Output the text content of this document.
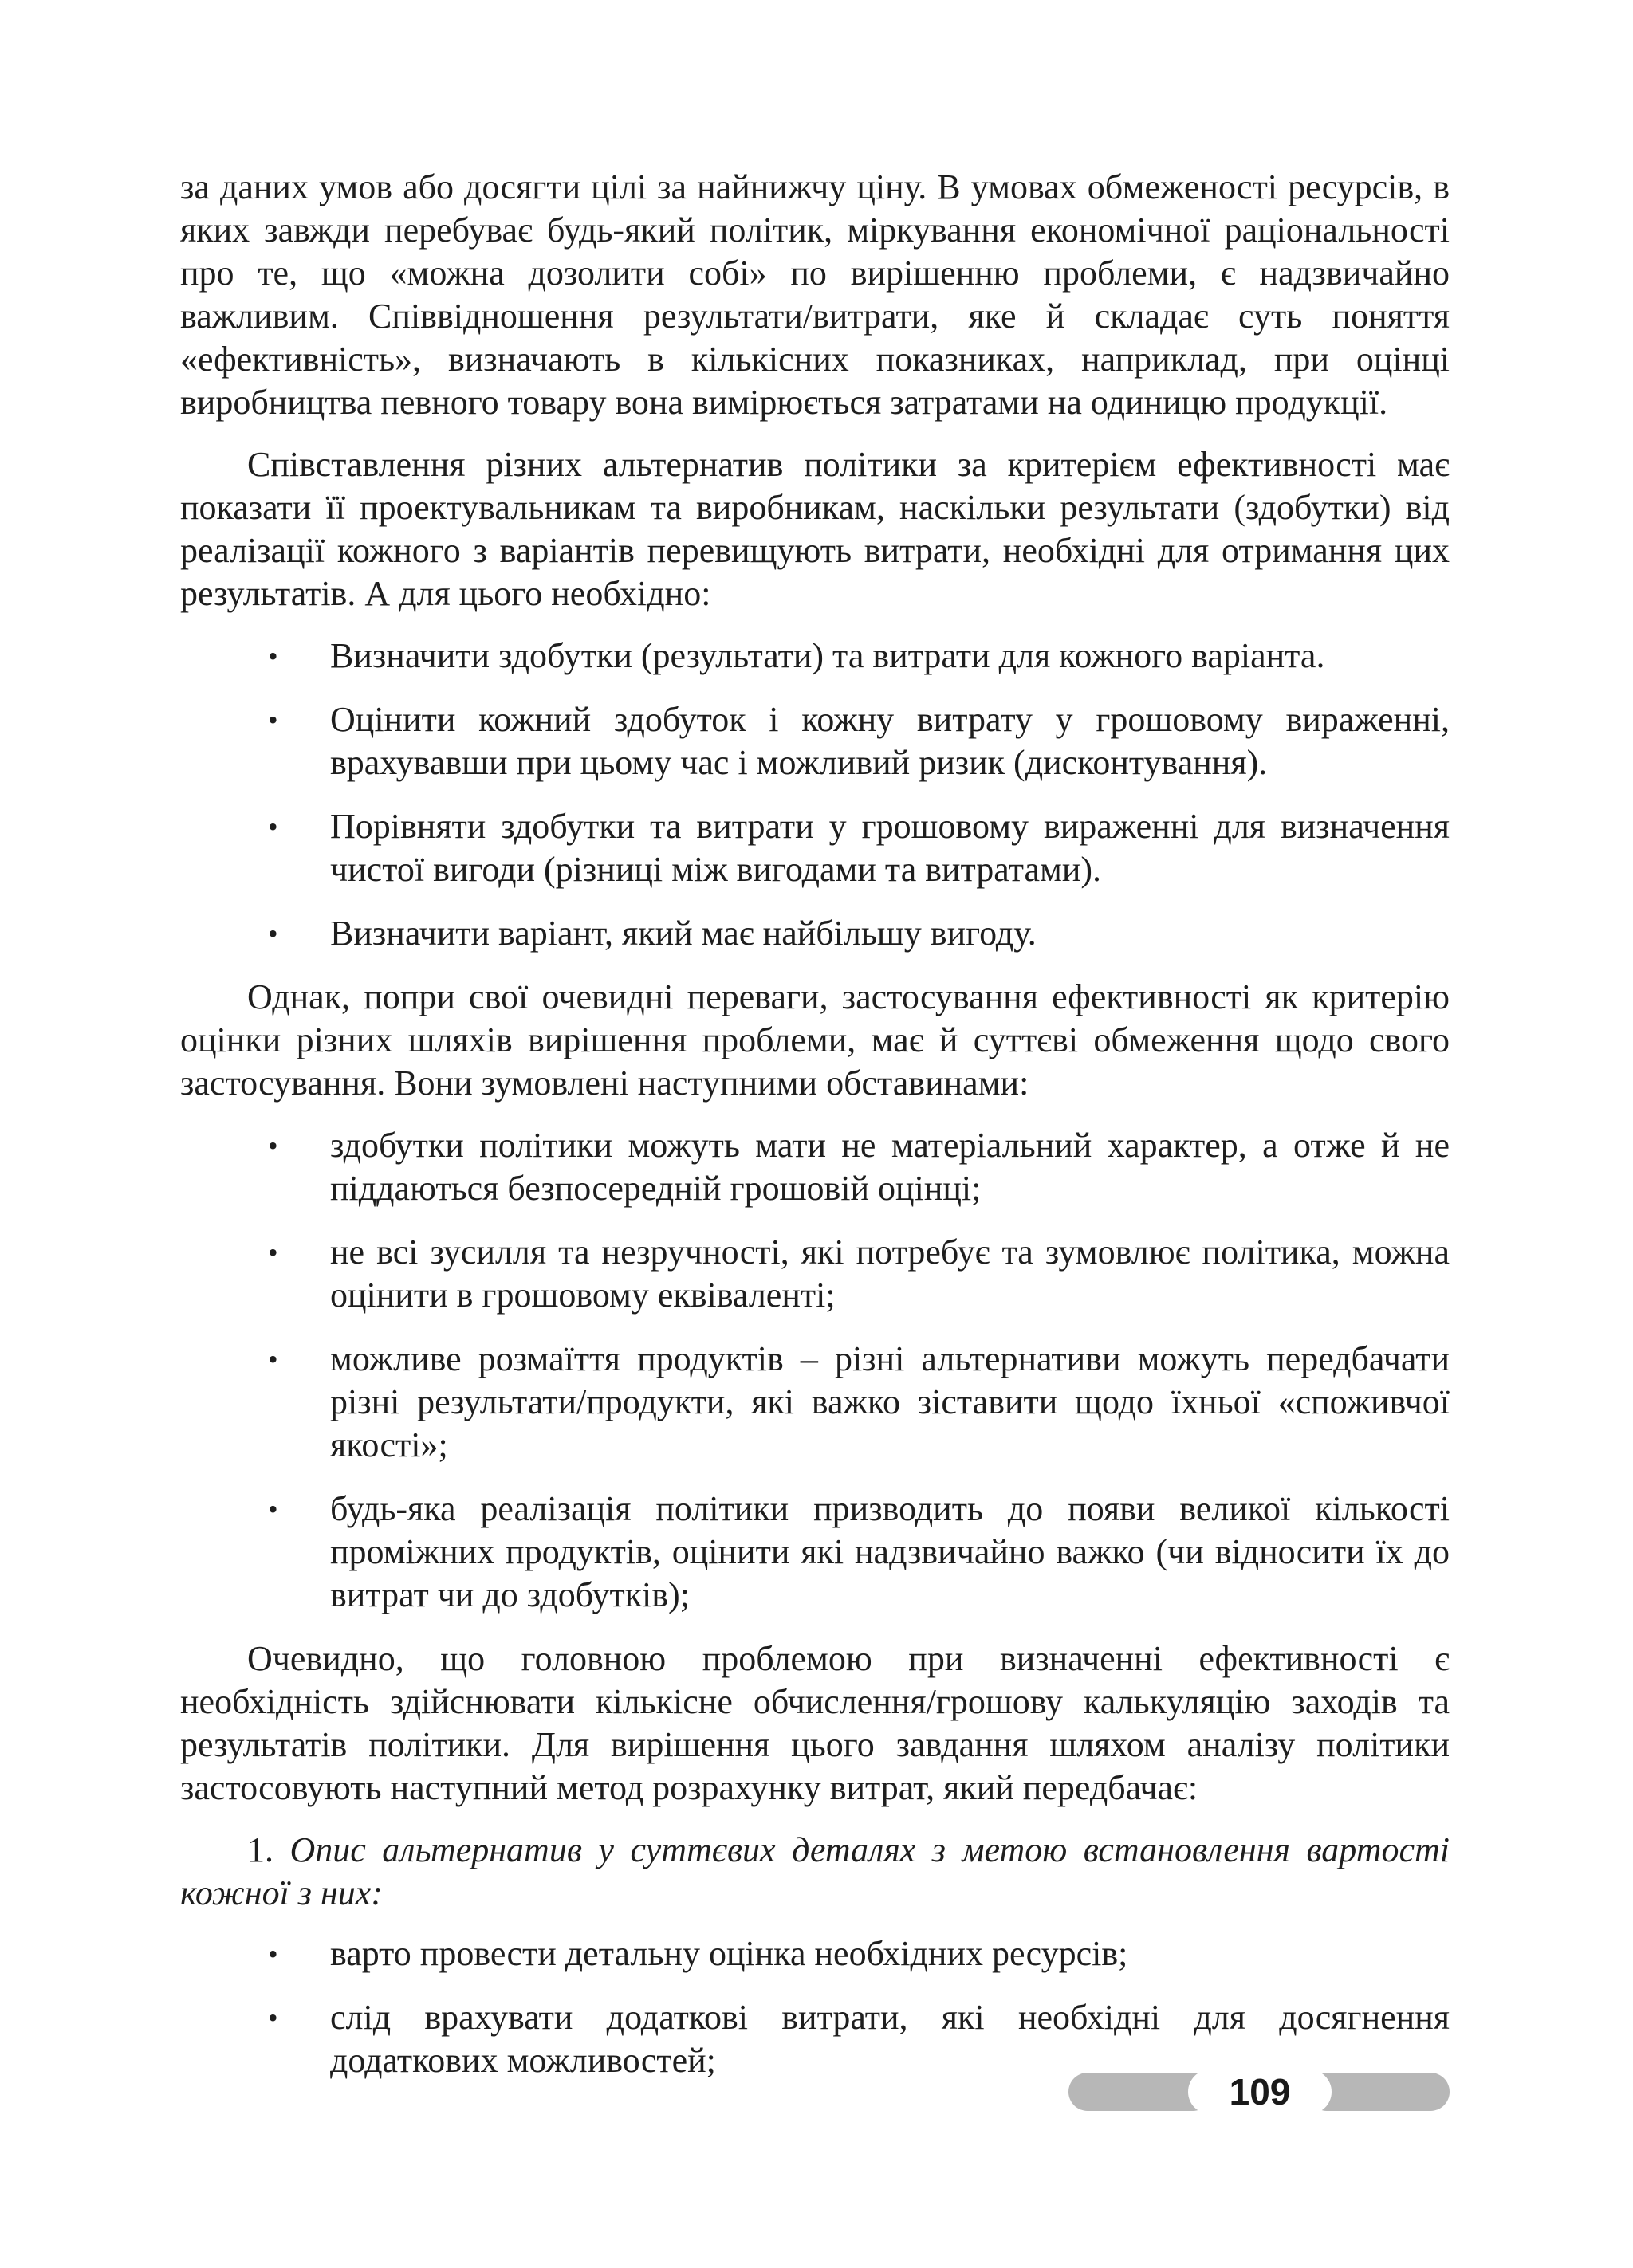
за даних умов або досягти цілі за найнижчу ціну. В умовах обмеженості ресурсів, в яких завжди перебуває будь-який політик, міркування економічної раціональності про те, що «можна дозолити собі» по вирішенню проблеми, є надзвичайно важливим. Співвідношення результати/витрати, яке й складає суть поняття «ефективність», визначають в кількісних показниках, наприклад, при оцінці виробництва певного товару вона вимірюється затратами на одиницю продукції.

Співставлення різних альтернатив політики за критерієм ефективності має показати її проектувальникам та виробникам, наскільки результати (здобутки) від реалізації кожного з варіантів перевищують витрати, необхідні для отримання цих результатів. А для цього необхідно:

• Визначити здобутки (результати) та витрати для кожного варіанта.
• Оцінити кожний здобуток і кожну витрату у грошовому вираженні, врахувавши при цьому час і можливий ризик (дисконтування).
• Порівняти здобутки та витрати у грошовому вираженні для визначення чистої вигоди (різниці між вигодами та витратами).
• Визначити варіант, який має найбільшу вигоду.

Однак, попри свої очевидні переваги, застосування ефективності як критерію оцінки різних шляхів вирішення проблеми, має й суттєві обмеження щодо свого застосування. Вони зумовлені наступними обставинами:

• здобутки політики можуть мати не матеріальний характер, а отже й не піддаються безпосередній грошовій оцінці;
• не всі зусилля та незручності, які потребує та зумовлює політика, можна оцінити в грошовому еквіваленті;
• можливе розмаїття продуктів – різні альтернативи можуть передбачати різні результати/продукти, які важко зіставити щодо їхньої «споживчої якості»;
• будь-яка реалізація політики призводить до появи великої кількості проміжних продуктів, оцінити які надзвичайно важко (чи відносити їх до витрат чи до здобутків);

Очевидно, що головною проблемою при визначенні ефективності є необхідність здійснювати кількісне обчислення/грошову калькуляцію заходів та результатів політики. Для вирішення цього завдання шляхом аналізу політики застосовують наступний метод розрахунку витрат, який передбачає:

1. Опис альтернатив у суттєвих деталях з метою встановлення вартості кожної з них:

• варто провести детальну оцінка необхідних ресурсів;
• слід врахувати додаткові витрати, які необхідні для досягнення додаткових можливостей;
109
